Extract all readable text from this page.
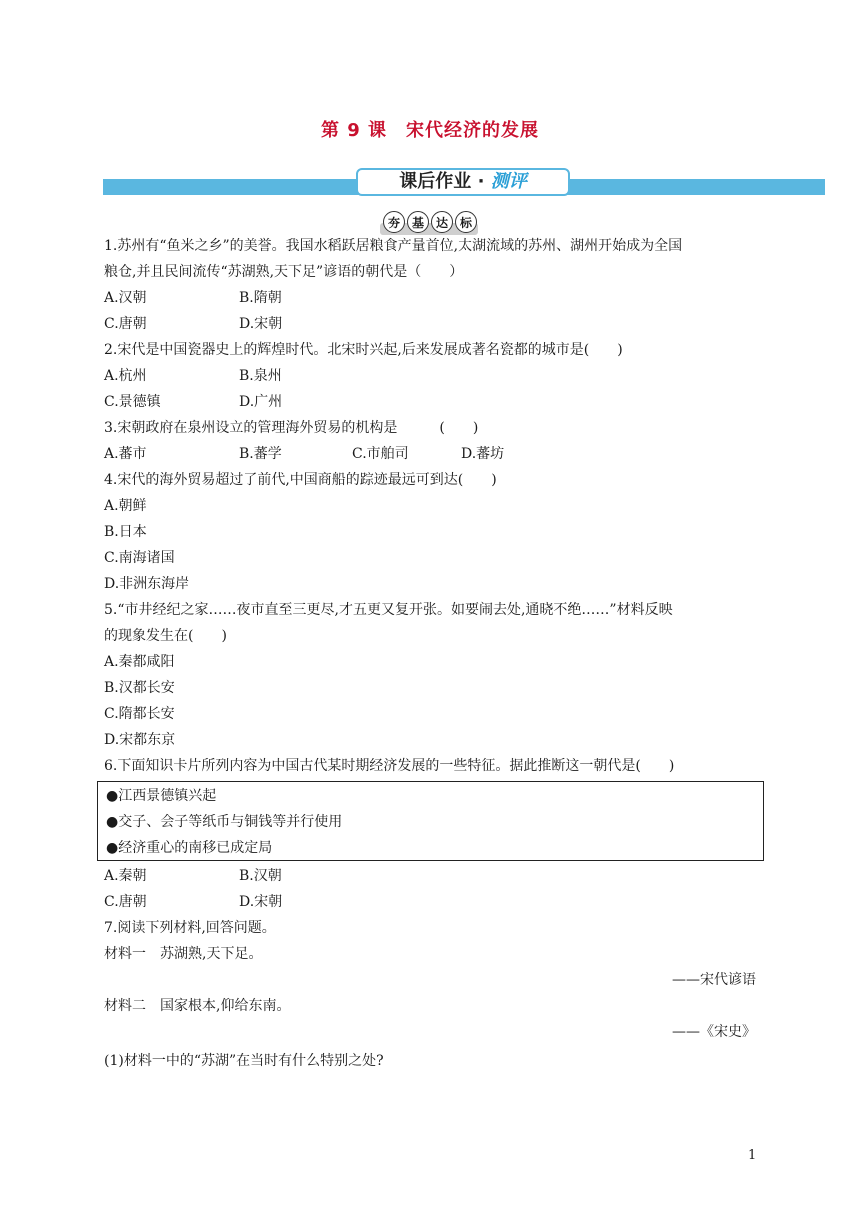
第 9 课　宋代经济的发展
课后作业 · 测评
夯 基 达 标
1.苏州有“鱼米之乡”的美誉。我国水稻跃居粮食产量首位,太湖流域的苏州、湖州开始成为全国
粮仓,并且民间流传“苏湖熟,天下足”谚语的朝代是（　　）
A.汉朝	B.隋朝
C.唐朝	D.宋朝
2.宋代是中国瓷器史上的辉煌时代。北宋时兴起,后来发展成著名瓷都的城市是(　　)
A.杭州	B.泉州
C.景德镇	D.广州
3.宋朝政府在泉州设立的管理海外贸易的机构是　　　(　　)
A.蕃市	B.蕃学	C.市舶司	D.蕃坊
4.宋代的海外贸易超过了前代,中国商船的踪迹最远可到达(　　)
A.朝鲜
B.日本
C.南海诸国
D.非洲东海岸
5.“市井经纪之家……夜市直至三更尽,才五更又复开张。如要闹去处,通晓不绝……”材料反映
的现象发生在(　　)
A.秦都咸阳
B.汉都长安
C.隋都长安
D.宋都东京
6.下面知识卡片所列内容为中国古代某时期经济发展的一些特征。据此推断这一朝代是(　　)
●江西景德镇兴起
●交子、会子等纸币与铜钱等并行使用
●经济重心的南移已成定局
A.秦朝	B.汉朝
C.唐朝	D.宋朝
7.阅读下列材料,回答问题。
材料一　苏湖熟,天下足。
——宋代谚语
材料二　国家根本,仰给东南。
——《宋史》
(1)材料一中的“苏湖”在当时有什么特别之处?
1
